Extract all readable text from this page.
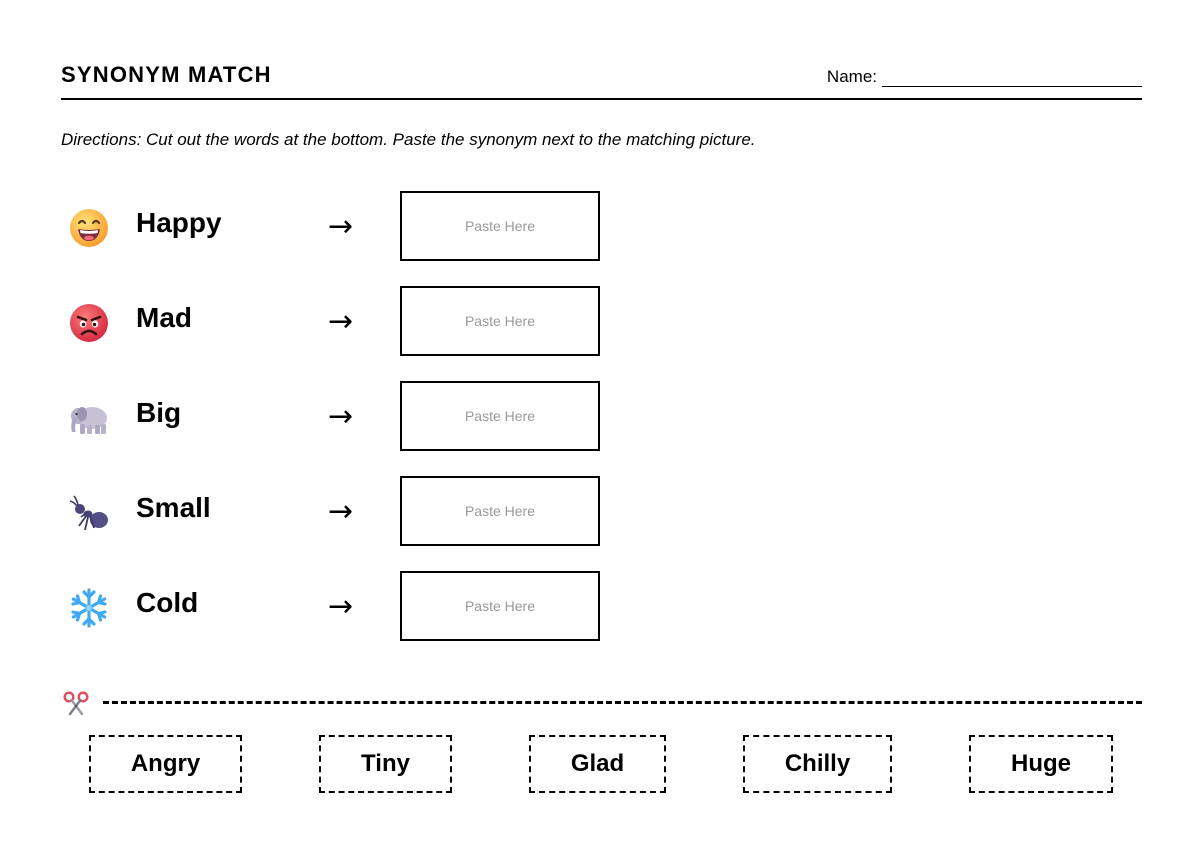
SYNONYM MATCH	Name:
Directions: Cut out the words at the bottom. Paste the synonym next to the matching picture.
Happy	→	Paste Here
Mad	→	Paste Here
Big	→	Paste Here
Small	→	Paste Here
Cold	→	Paste Here
Angry	Tiny	Glad	Chilly	Huge
